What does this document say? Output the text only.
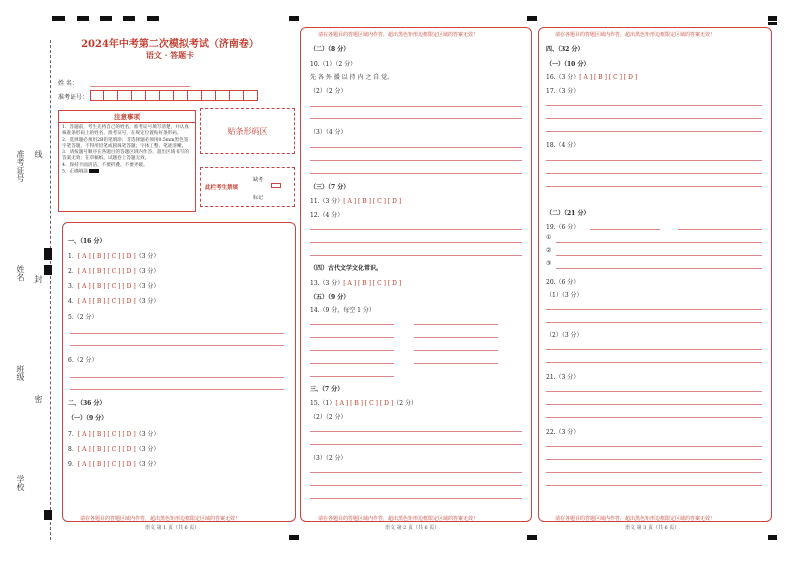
准考证号 线
姓名 封
班级
密
学校
2024年中考第二次模拟考试（济南卷）
语文 · 答题卡
姓 名：
准考证号：
注意事项
1．答题前，考生先将自己的姓名，准考证号填写清楚，并认真核准条形码上的姓名、准考证号，在规定位置贴好条形码。
2．选择题必须用2B铅笔填涂；非选择题必须用0.5mm黑色签字笔答题，不得用铅笔或圆珠笔答题；字体工整、笔迹清晰。
3．请按题号顺序在各题目的答题区域内作答，超出区域书写的答案无效；在草稿纸、试题卷上答题无效。
4．保持卡面清洁，不要折叠、不要弄破。
5．正确填涂
贴条形码区
此栏考生禁填
缺考
标记
一、（16 分）
1．[ A ] [ B ] [ C ] [ D ]（3 分）
2．[ A ] [ B ] [ C ] [ D ]（3 分）
3．[ A ] [ B ] [ C ] [ D ]（3 分）
4．[ A ] [ B ] [ C ] [ D ]（3 分）
5.（2 分）
6.（2 分）
二、（36 分）
（一）（9 分）
7．[ A ] [ B ] [ C ] [ D ]（3 分）
8．[ A ] [ B ] [ C ] [ D ]（3 分）
9．[ A ] [ B ] [ C ] [ D ]（3 分）
请在各题目的答题区域内作答，超出黑色矩形边框限定区域的答案无效！
语文 第 1 页（共 6 页）
请在各题目的答题区域内作答，超出黑色矩形边框限定区域的答案无效！
（二）（8 分）
10.（1）（2 分）
先 各 外 援 以 持 内 之 自 觉。
（2）（2 分）
（3）（4 分）
（三）（7 分）
11.（3 分）[ A ] [ B ] [ C ] [ D ]
12.（4 分）
（四）古代文学文化常识。
13.（3 分）[ A ] [ B ] [ C ] [ D ]
（五）（9 分）
14.（9 分，每空 1 分）
三、（7 分）
15.（1）[ A ] [ B ] [ C ] [ D ]（2 分）
（2）（2 分）
（3）（2 分）
请在各题目的答题区域内作答，超出黑色矩形边框限定区域的答案无效！
语文 第 2 页（共 6 页）
请在各题目的答题区域内作答，超出黑色矩形边框限定区域的答案无效！
四、（32 分）
（一）（10 分）
16.（3 分）[ A ] [ B ] [ C ] [ D ]
17.（3 分）
18.（4 分）
（二）（21 分）
19.（6 分）
①
②
③
20.（6 分）
（1）（3 分）
（2）（3 分）
21.（3 分）
22.（3 分）
请在各题目的答题区域内作答，超出黑色矩形边框限定区域的答案无效！
语文 第 3 页（共 6 页）
